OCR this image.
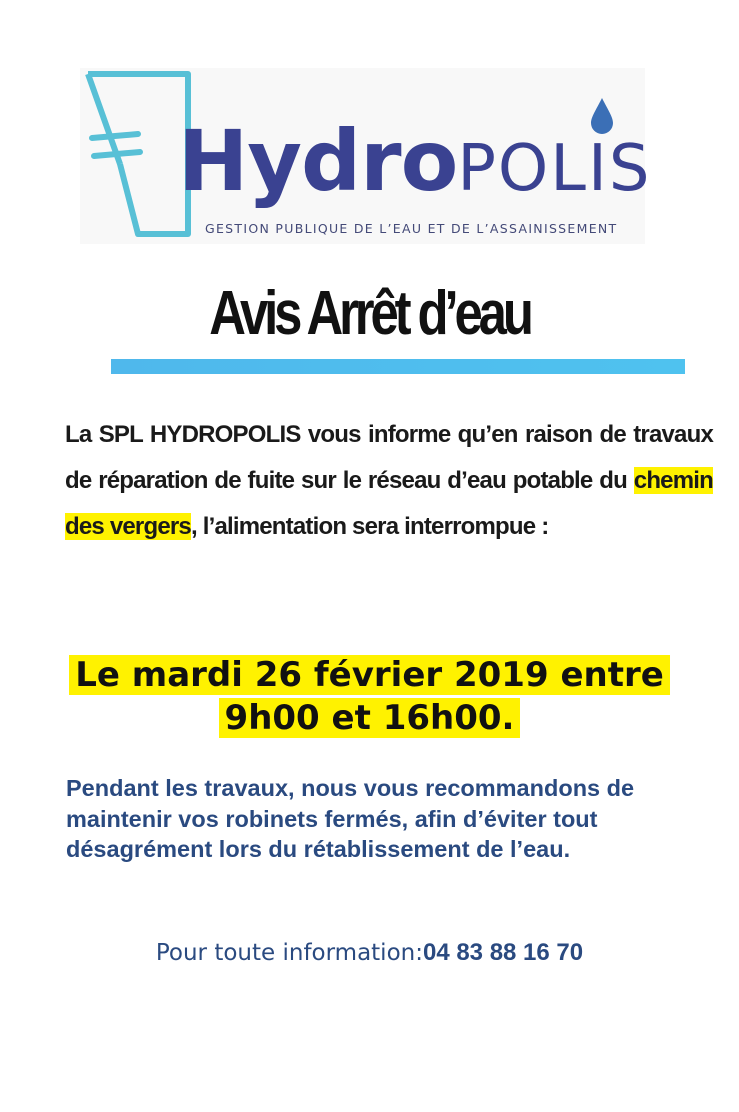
HydroPOLIS
GESTION PUBLIQUE DE L’EAU ET DE L’ASSAINISSEMENT
Avis Arrêt d’eau
La SPL HYDROPOLIS vous informe qu’en raison de travaux de réparation de fuite sur le réseau d’eau potable du chemin des vergers, l’alimentation sera interrompue :
Le mardi 26 février 2019 entre
9h00 et 16h00.
Pendant les travaux, nous vous recommandons de maintenir vos robinets fermés, afin d’éviter tout désagrément lors du rétablissement de l’eau.
Pour toute information:04 83 88 16 70
